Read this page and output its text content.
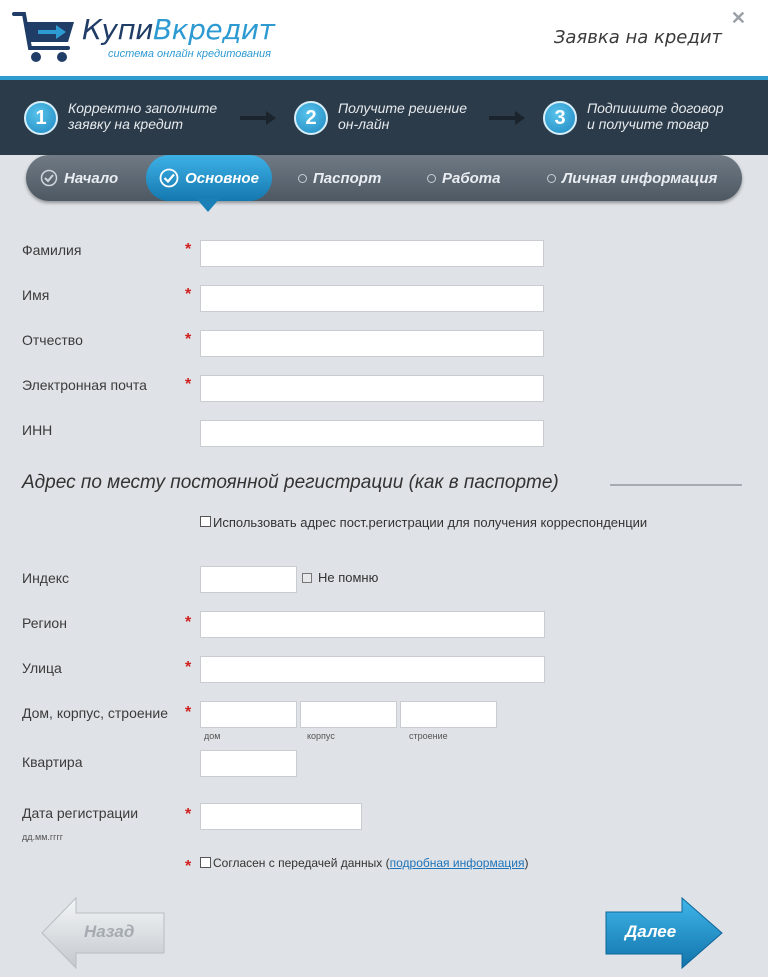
КупиВкредит
система онлайн кредитования
Заявка на кредит
✕
1	Корректно заполните
заявку на кредит	2	Получите решение
он-лайн	3	Подпишите договор
и получите товар
Начало	Основное	Паспорт	Работа	Личная информация
Фамилия	*
Имя	*
Отчество	*
Электронная почта *
ИНН
Адрес по месту постоянной регистрации (как в паспорте)
Использовать адрес пост.регистрации для получения корреспонденции
Индекс	Не помню
Регион	*
Улица	*
Дом, корпус, строение *
дом	корпус	строение
Квартира
Дата регистрации
дд.мм.гггг
*
* Согласен с передачей данных (подробная информация)
Назад	Далее
